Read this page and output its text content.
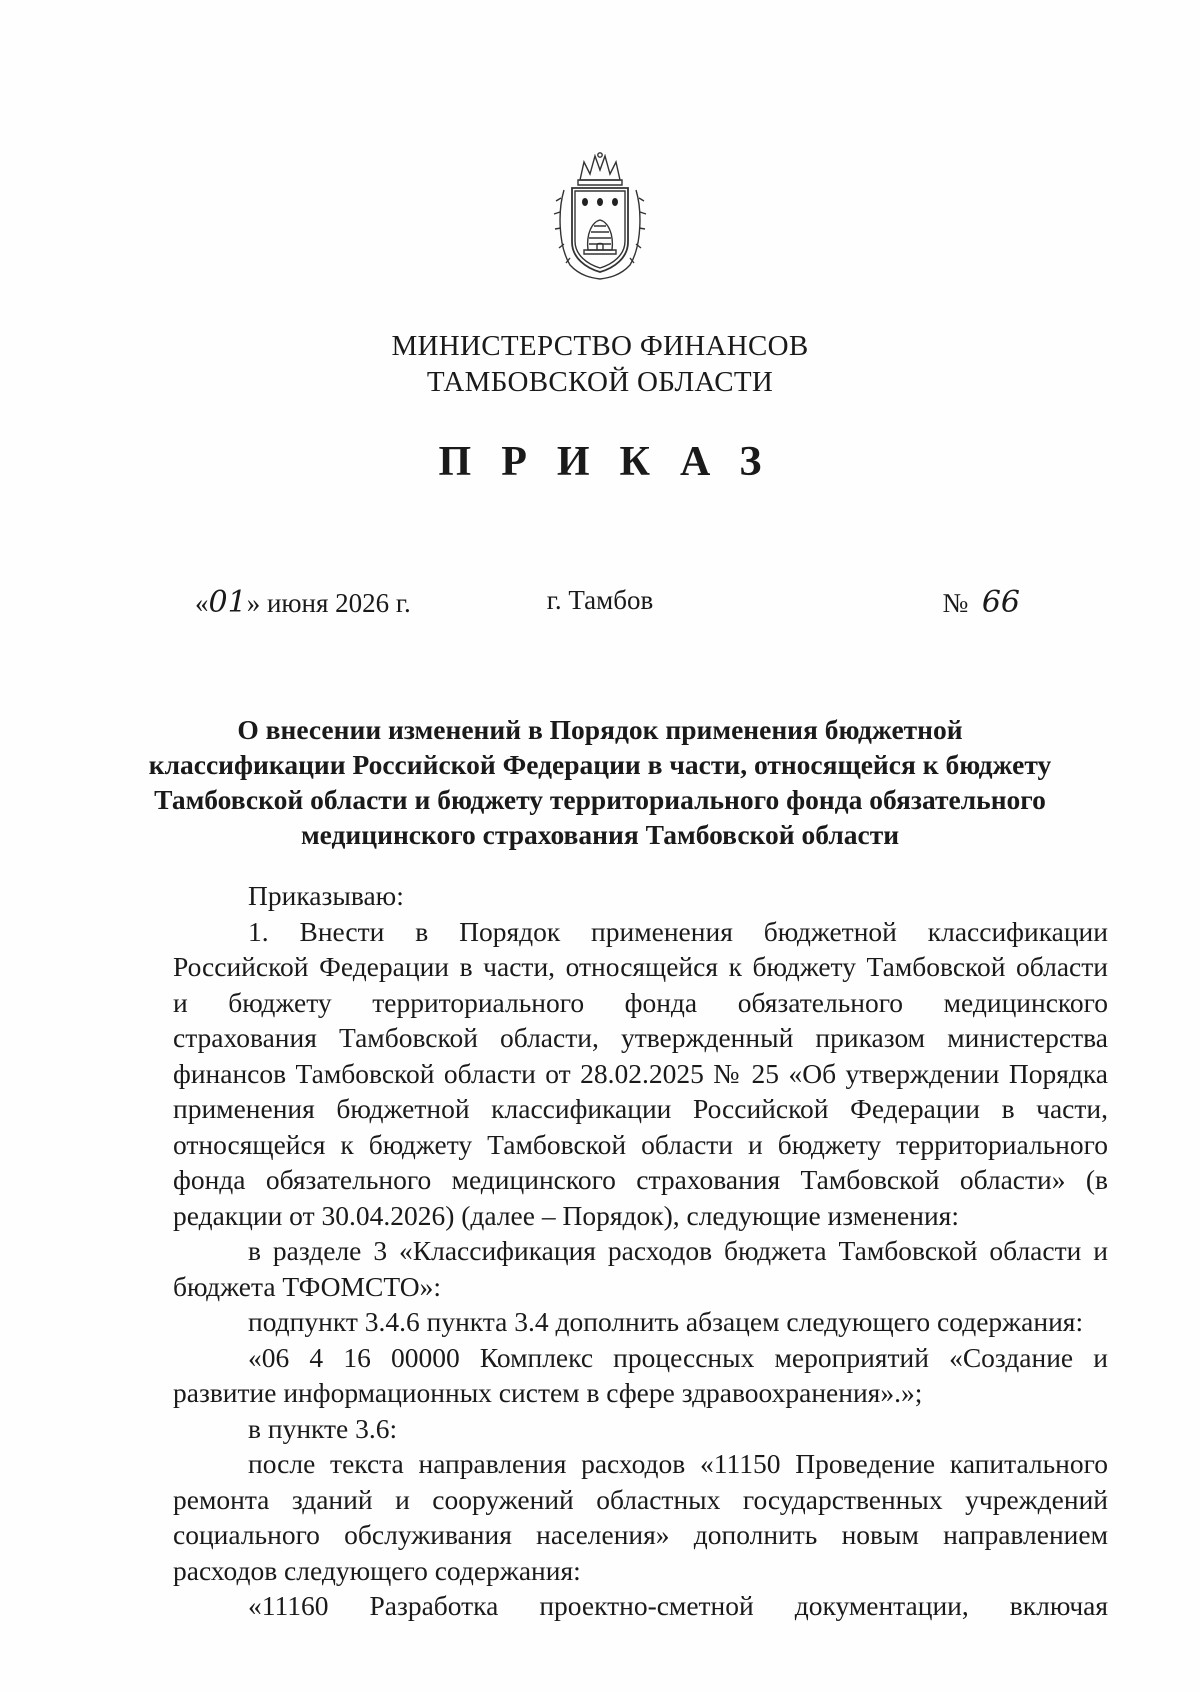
МИНИСТЕРСТВО ФИНАНСОВ
ТАМБОВСКОЙ ОБЛАСТИ
ПРИКАЗ
«01» июня 2026 г.	г. Тамбов	№ 66
О внесении изменений в Порядок применения бюджетной
классификации Российской Федерации в части, относящейся к бюджету
Тамбовской области и бюджету территориального фонда обязательного
медицинского страхования Тамбовской области
Приказываю:
1. Внести в Порядок применения бюджетной классификации
Российской Федерации в части, относящейся к бюджету Тамбовской области
и бюджету территориального фонда обязательного медицинского
страхования Тамбовской области, утвержденный приказом министерства
финансов Тамбовской области от 28.02.2025 № 25 «Об утверждении Порядка
применения бюджетной классификации Российской Федерации в части,
относящейся к бюджету Тамбовской области и бюджету территориального
фонда обязательного медицинского страхования Тамбовской области» (в
редакции от 30.04.2026) (далее – Порядок), следующие изменения:
в разделе 3 «Классификация расходов бюджета Тамбовской области и
бюджета ТФОМСТО»:
подпункт 3.4.6 пункта 3.4 дополнить абзацем следующего содержания:
«06 4 16 00000 Комплекс процессных мероприятий «Создание и
развитие информационных систем в сфере здравоохранения».»;
в пункте 3.6:
после текста направления расходов «11150 Проведение капитального
ремонта зданий и сооружений областных государственных учреждений
социального обслуживания населения» дополнить новым направлением
расходов следующего содержания:
«11160 Разработка проектно-сметной документации, включая
